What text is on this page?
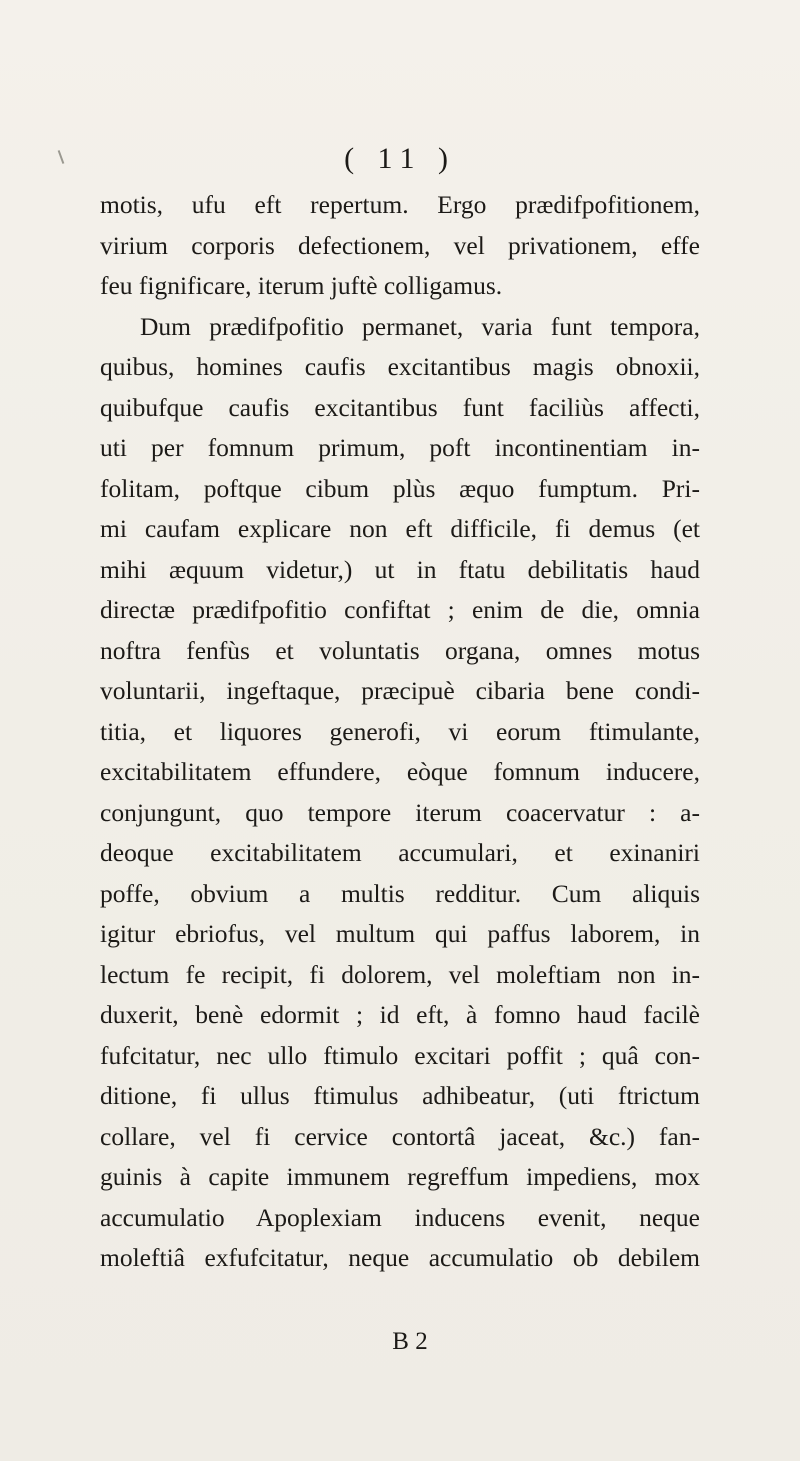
( 11 )
motis, ufu eft repertum. Ergo prædifpofitionem,
virium corporis defectionem, vel privationem, effe
feu fignificare, iterum juftè colligamus.
Dum prædifpofitio permanet, varia funt tempora,
quibus, homines caufis excitantibus magis obnoxii,
quibufque caufis excitantibus funt faciliùs affecti,
uti per fomnum primum, poft incontinentiam in-
folitam, poftque cibum plùs æquo fumptum. Pri-
mi caufam explicare non eft difficile, fi demus (et
mihi æquum videtur,) ut in ftatu debilitatis haud
directæ prædifpofitio confiftat ; enim de die, omnia
noftra fenfùs et voluntatis organa, omnes motus
voluntarii, ingeftaque, præcipuè cibaria bene condi-
titia, et liquores generofi, vi eorum ftimulante,
excitabilitatem effundere, eòque fomnum inducere,
conjungunt, quo tempore iterum coacervatur : a-
deoque excitabilitatem accumulari, et exinaniri
poffe, obvium a multis redditur. Cum aliquis
igitur ebriofus, vel multum qui paffus laborem, in
lectum fe recipit, fi dolorem, vel moleftiam non in-
duxerit, benè edormit ; id eft, à fomno haud facilè
fufcitatur, nec ullo ftimulo excitari poffit ; quâ con-
ditione, fi ullus ftimulus adhibeatur, (uti ftrictum
collare, vel fi cervice contortâ jaceat, &c.) fan-
guinis à capite immunem regreffum impediens, mox
accumulatio Apoplexiam inducens evenit, neque
moleftiâ exfufcitatur, neque accumulatio ob debilem
B 2
